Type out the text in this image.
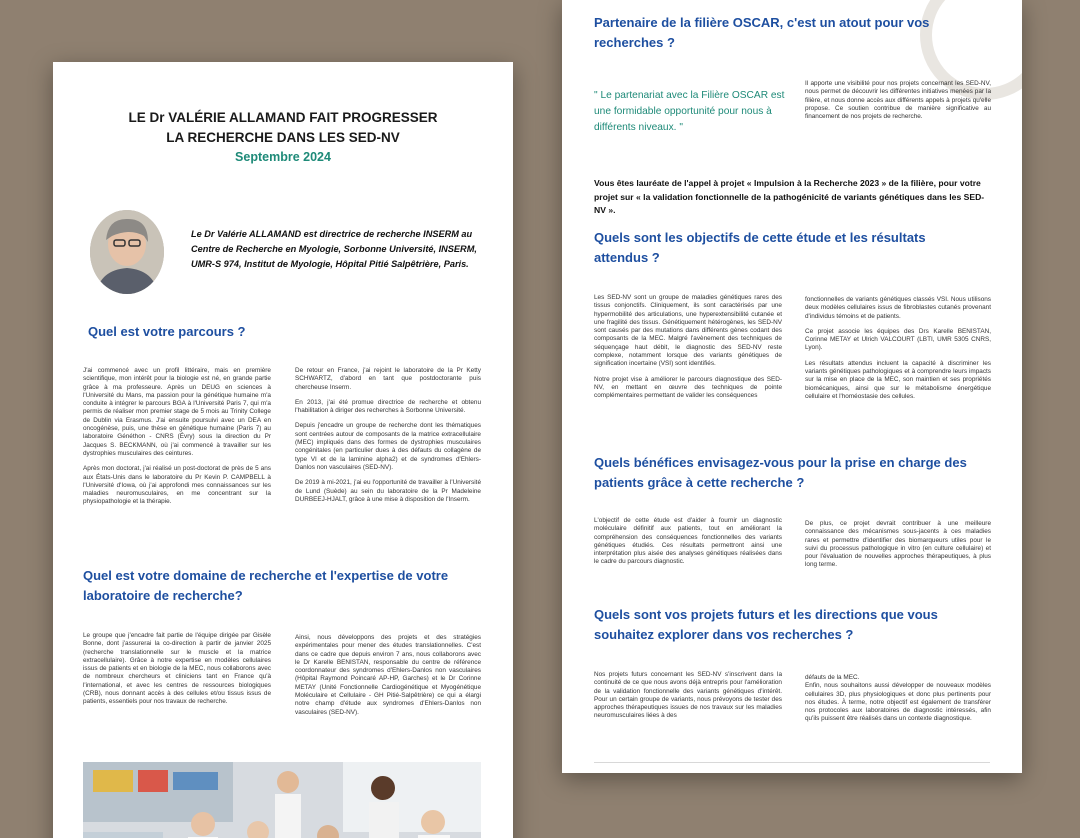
LE Dr VALÉRIE ALLAMAND FAIT PROGRESSER
LA RECHERCHE DANS LES SED-NV
Septembre 2024
Le Dr Valérie ALLAMAND est directrice de recherche INSERM au Centre de Recherche en Myologie, Sorbonne Université, INSERM, UMR-S 974, Institut de Myologie, Hôpital Pitié Salpêtrière, Paris.
Quel est votre parcours ?

J'ai commencé avec un profil littéraire, mais en première scientifique, mon intérêt pour la biologie est né, en grande partie grâce à ma professeure. Après un DEUG en sciences à l'Université du Mans, ma passion pour la génétique humaine m'a conduite à intégrer le parcours BGA à l'Université Paris 7, qui m'a permis de réaliser mon premier stage de 5 mois au Trinity College de Dublin via Erasmus. J'ai ensuite poursuivi avec un DEA en oncogénèse, puis, une thèse en génétique humaine (Paris 7) au laboratoire Généthon - CNRS (Évry) sous la direction du Pr Jacques S. BECKMANN, où j'ai commencé à travailler sur les dystrophies musculaires des ceintures.

Après mon doctorat, j'ai réalisé un post-doctorat de près de 5 ans aux États-Unis dans le laboratoire du Pr Kevin P. CAMPBELL à l'Université d'Iowa, où j'ai approfondi mes connaissances sur les maladies neuromusculaires, en me concentrant sur la physiopathologie et la thérapie.

De retour en France, j'ai rejoint le laboratoire de la Pr Ketty SCHWARTZ, d'abord en tant que postdoctorante puis chercheuse Inserm.

En 2013, j'ai été promue directrice de recherche et obtenu l'habilitation à diriger des recherches à Sorbonne Université.

Depuis j'encadre un groupe de recherche dont les thématiques sont centrées autour de composants de la matrice extracellulaire (MEC) impliqués dans des formes de dystrophies musculaires congénitales (en particulier dues à des défauts du collagène de type VI et de la laminine alpha2) et de syndromes d'Ehlers-Danlos non vasculaires (SED-NV).

De 2019 à mi-2021, j'ai eu l'opportunité de travailler à l'Université de Lund (Suède) au sein du laboratoire de la Pr Madeleine DURBEEJ-HJALT, grâce à une mise à disposition de l'Inserm.

Quel est votre domaine de recherche et l'expertise de votre laboratoire de recherche?

Le groupe que j'encadre fait partie de l'équipe dirigée par Gisèle Bonne, dont j'assurerai la co-direction à partir de janvier 2025 (recherche translationnelle sur le muscle et la matrice extracellulaire). Grâce à notre expertise en modèles cellulaires issus de patients et en biologie de la MEC, nous collaborons avec de nombreux chercheurs et cliniciens tant en France qu'à l'international, et avec les centres de ressources biologiques (CRB), nous donnant accès à des cellules et/ou tissus issus de patients, essentiels pour nos travaux de recherche.

Ainsi, nous développons des projets et des stratégies expérimentales pour mener des études translationnelles. C'est dans ce cadre que depuis environ 7 ans, nous collaborons avec le Dr Karelle BENISTAN, responsable du centre de référence coordonnateur des syndromes d'Ehlers-Danlos non vasculaires (Hôpital Raymond Poincaré AP-HP, Garches) et le Dr Corinne METAY (Unité Fonctionnelle Cardiogénétique et Myogénétique Moléculaire et Cellulaire - GH Pitié-Salpêtrière) ce qui a élargi notre champ d'étude aux syndromes d'Ehlers-Danlos non vasculaires (SED-NV).

Partenaire de la filière OSCAR, c'est un atout pour vos recherches ?
" Le partenariat avec la Filière OSCAR est une formidable opportunité pour nous à différents niveaux. "

Il apporte une visibilité pour nos projets concernant les SED-NV, nous permet de découvrir les différentes initiatives menées par la filière, et nous donne accès aux différents appels à projets qu'elle propose. Ce soutien contribue de manière significative au financement de nos projets de recherche.

Vous êtes lauréate de l'appel à projet « Impulsion à la Recherche 2023 » de la filière, pour votre projet sur « la validation fonctionnelle de la pathogénicité de variants génétiques dans les SED-NV ».
Quels sont les objectifs de cette étude et les résultats attendus ?

Les SED-NV sont un groupe de maladies génétiques rares des tissus conjonctifs. Cliniquement, ils sont caractérisés par une hypermobilité des articulations, une hyperextensibilité cutanée et une fragilité des tissus. Génétiquement hétérogènes, les SED-NV sont causés par des mutations dans différents gènes codant des composants de la MEC. Malgré l'avènement des techniques de séquençage haut débit, le diagnostic des SED-NV reste complexe, notamment lorsque des variants génétiques de signification incertaine (VSI) sont identifiés.

Notre projet vise à améliorer le parcours diagnostique des SED-NV, en mettant en œuvre des techniques de pointe complémentaires permettant de valider les conséquences

fonctionnelles de variants génétiques classés VSI. Nous utilisons deux modèles cellulaires issus de fibroblastes cutanés provenant d'individus témoins et de patients.

Ce projet associe les équipes des Drs Karelle BENISTAN, Corinne METAY et Ulrich VALCOURT (LBTI, UMR 5305 CNRS, Lyon).

Les résultats attendus incluent la capacité à discriminer les variants génétiques pathologiques et à comprendre leurs impacts sur la mise en place de la MEC, son maintien et ses propriétés biomécaniques, ainsi que sur le métabolisme énergétique cellulaire et l'homéostasie des cellules.

Quels bénéfices envisagez-vous pour la prise en charge des patients grâce à cette recherche ?

L'objectif de cette étude est d'aider à fournir un diagnostic moléculaire définitif aux patients, tout en améliorant la compréhension des conséquences fonctionnelles des variants génétiques étudiés. Ces résultats permettront ainsi une interprétation plus aisée des analyses génétiques réalisées dans le cadre du parcours diagnostic.

De plus, ce projet devrait contribuer à une meilleure connaissance des mécanismes sous-jacents à ces maladies rares et permettre d'identifier des biomarqueurs utiles pour le suivi du processus pathologique in vitro (en culture cellulaire) et pour l'évaluation de nouvelles approches thérapeutiques, à plus long terme.

Quels sont vos projets futurs et les directions que vous souhaitez explorer dans vos recherches ?

Nos projets futurs concernant les SED-NV s'inscrivent dans la continuité de ce que nous avons déjà entrepris pour l'amélioration de la validation fonctionnelle des variants génétiques d'intérêt. Pour un certain groupe de variants, nous prévoyons de tester des approches thérapeutiques issues de nos travaux sur les maladies neuromusculaires liées à des

défauts de la MEC.

Enfin, nous souhaitons aussi développer de nouveaux modèles cellulaires 3D, plus physiologiques et donc plus pertinents pour nos études. À terme, notre objectif est également de transférer nos protocoles aux laboratoires de diagnostic intéressés, afin qu'ils puissent être réalisés dans un contexte diagnostique.
